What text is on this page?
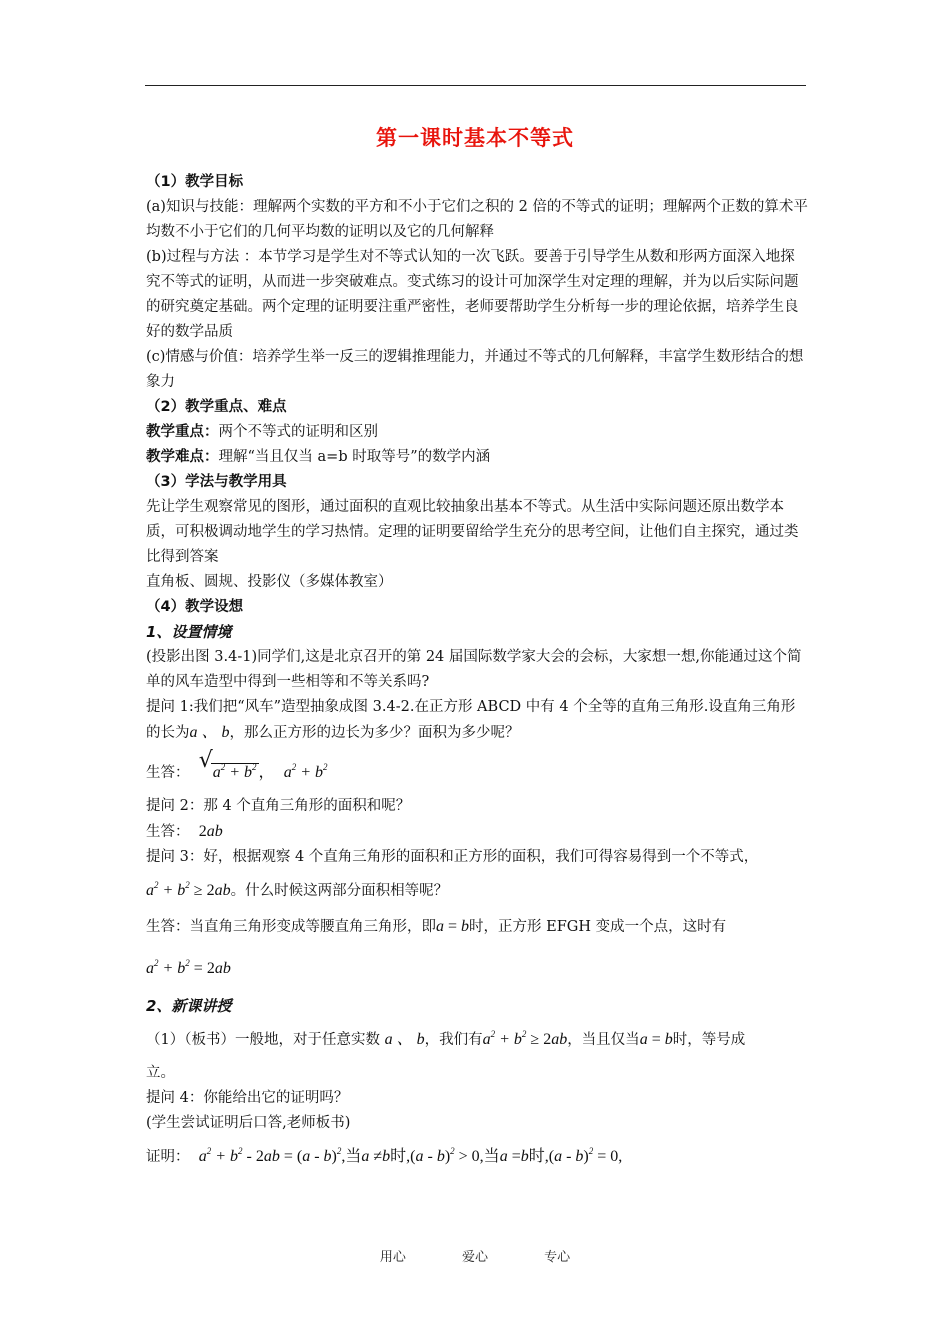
第一课时基本不等式

（1）教学目标

(a)知识与技能：理解两个实数的平方和不小于它们之积的 2 倍的不等式的证明；理解两个正数的算术平均数不小于它们的几何平均数的证明以及它的几何解释

(b)过程与方法 ：本节学习是学生对不等式认知的一次飞跃。要善于引导学生从数和形两方面深入地探究不等式的证明，从而进一步突破难点。变式练习的设计可加深学生对定理的理解，并为以后实际问题的研究奠定基础。两个定理的证明要注重严密性，老师要帮助学生分析每一步的理论依据，培养学生良好的数学品质

(c)情感与价值：培养学生举一反三的逻辑推理能力，并通过不等式的几何解释，丰富学生数形结合的想象力

（2）教学重点、难点

教学重点：两个不等式的证明和区别

教学难点：理解“当且仅当 a=b 时取等号”的数学内涵

（3）学法与教学用具

先让学生观察常见的图形，通过面积的直观比较抽象出基本不等式。从生活中实际问题还原出数学本质，可积极调动地学生的学习热情。定理的证明要留给学生充分的思考空间，让他们自主探究，通过类比得到答案

直角板、圆规、投影仪（多媒体教室）

（4）教学设想

1、设置情境

(投影出图 3.4-1)同学们,这是北京召开的第 24 届国际数学家大会的会标，大家想一想,你能通过这个简单的风车造型中得到一些相等和不等关系吗?

提问 1:我们把“风车”造型抽象成图 3.4-2.在正方形 ABCD 中有 4 个全等的直角三角形.设直角三角形的长为a 、 b，那么正方形的边长为多少？面积为多少呢？

生答： √ $a^2 + b^2$ ， $a^2 + b^2$

提问 2：那 4 个直角三角形的面积和呢？

生答： 2ab

提问 3：好，根据观察 4 个直角三角形的面积和正方形的面积，我们可得容易得到一个不等式，

$a^2 + b^2 \ge 2ab$。什么时候这两部分面积相等呢？

生答：当直角三角形变成等腰直角三角形，即a = b时，正方形 EFGH 变成一个点，这时有

$a^2 + b^2 = 2ab$

2、新课讲授

（1）（板书）一般地，对于任意实数 a 、 b，我们有$a^2 + b^2 \ge 2ab$，当且仅当a = b时，等号成

立。

提问 4：你能给出它的证明吗？

(学生尝试证明后口答,老师板书)

证明： $a^2 + b^2 - 2ab = (a - b)^2$,当a ≠b时,(a - b)$^2$ > 0,当a =b时,(a - b)$^2$ = 0,

用心	爱心	专心
